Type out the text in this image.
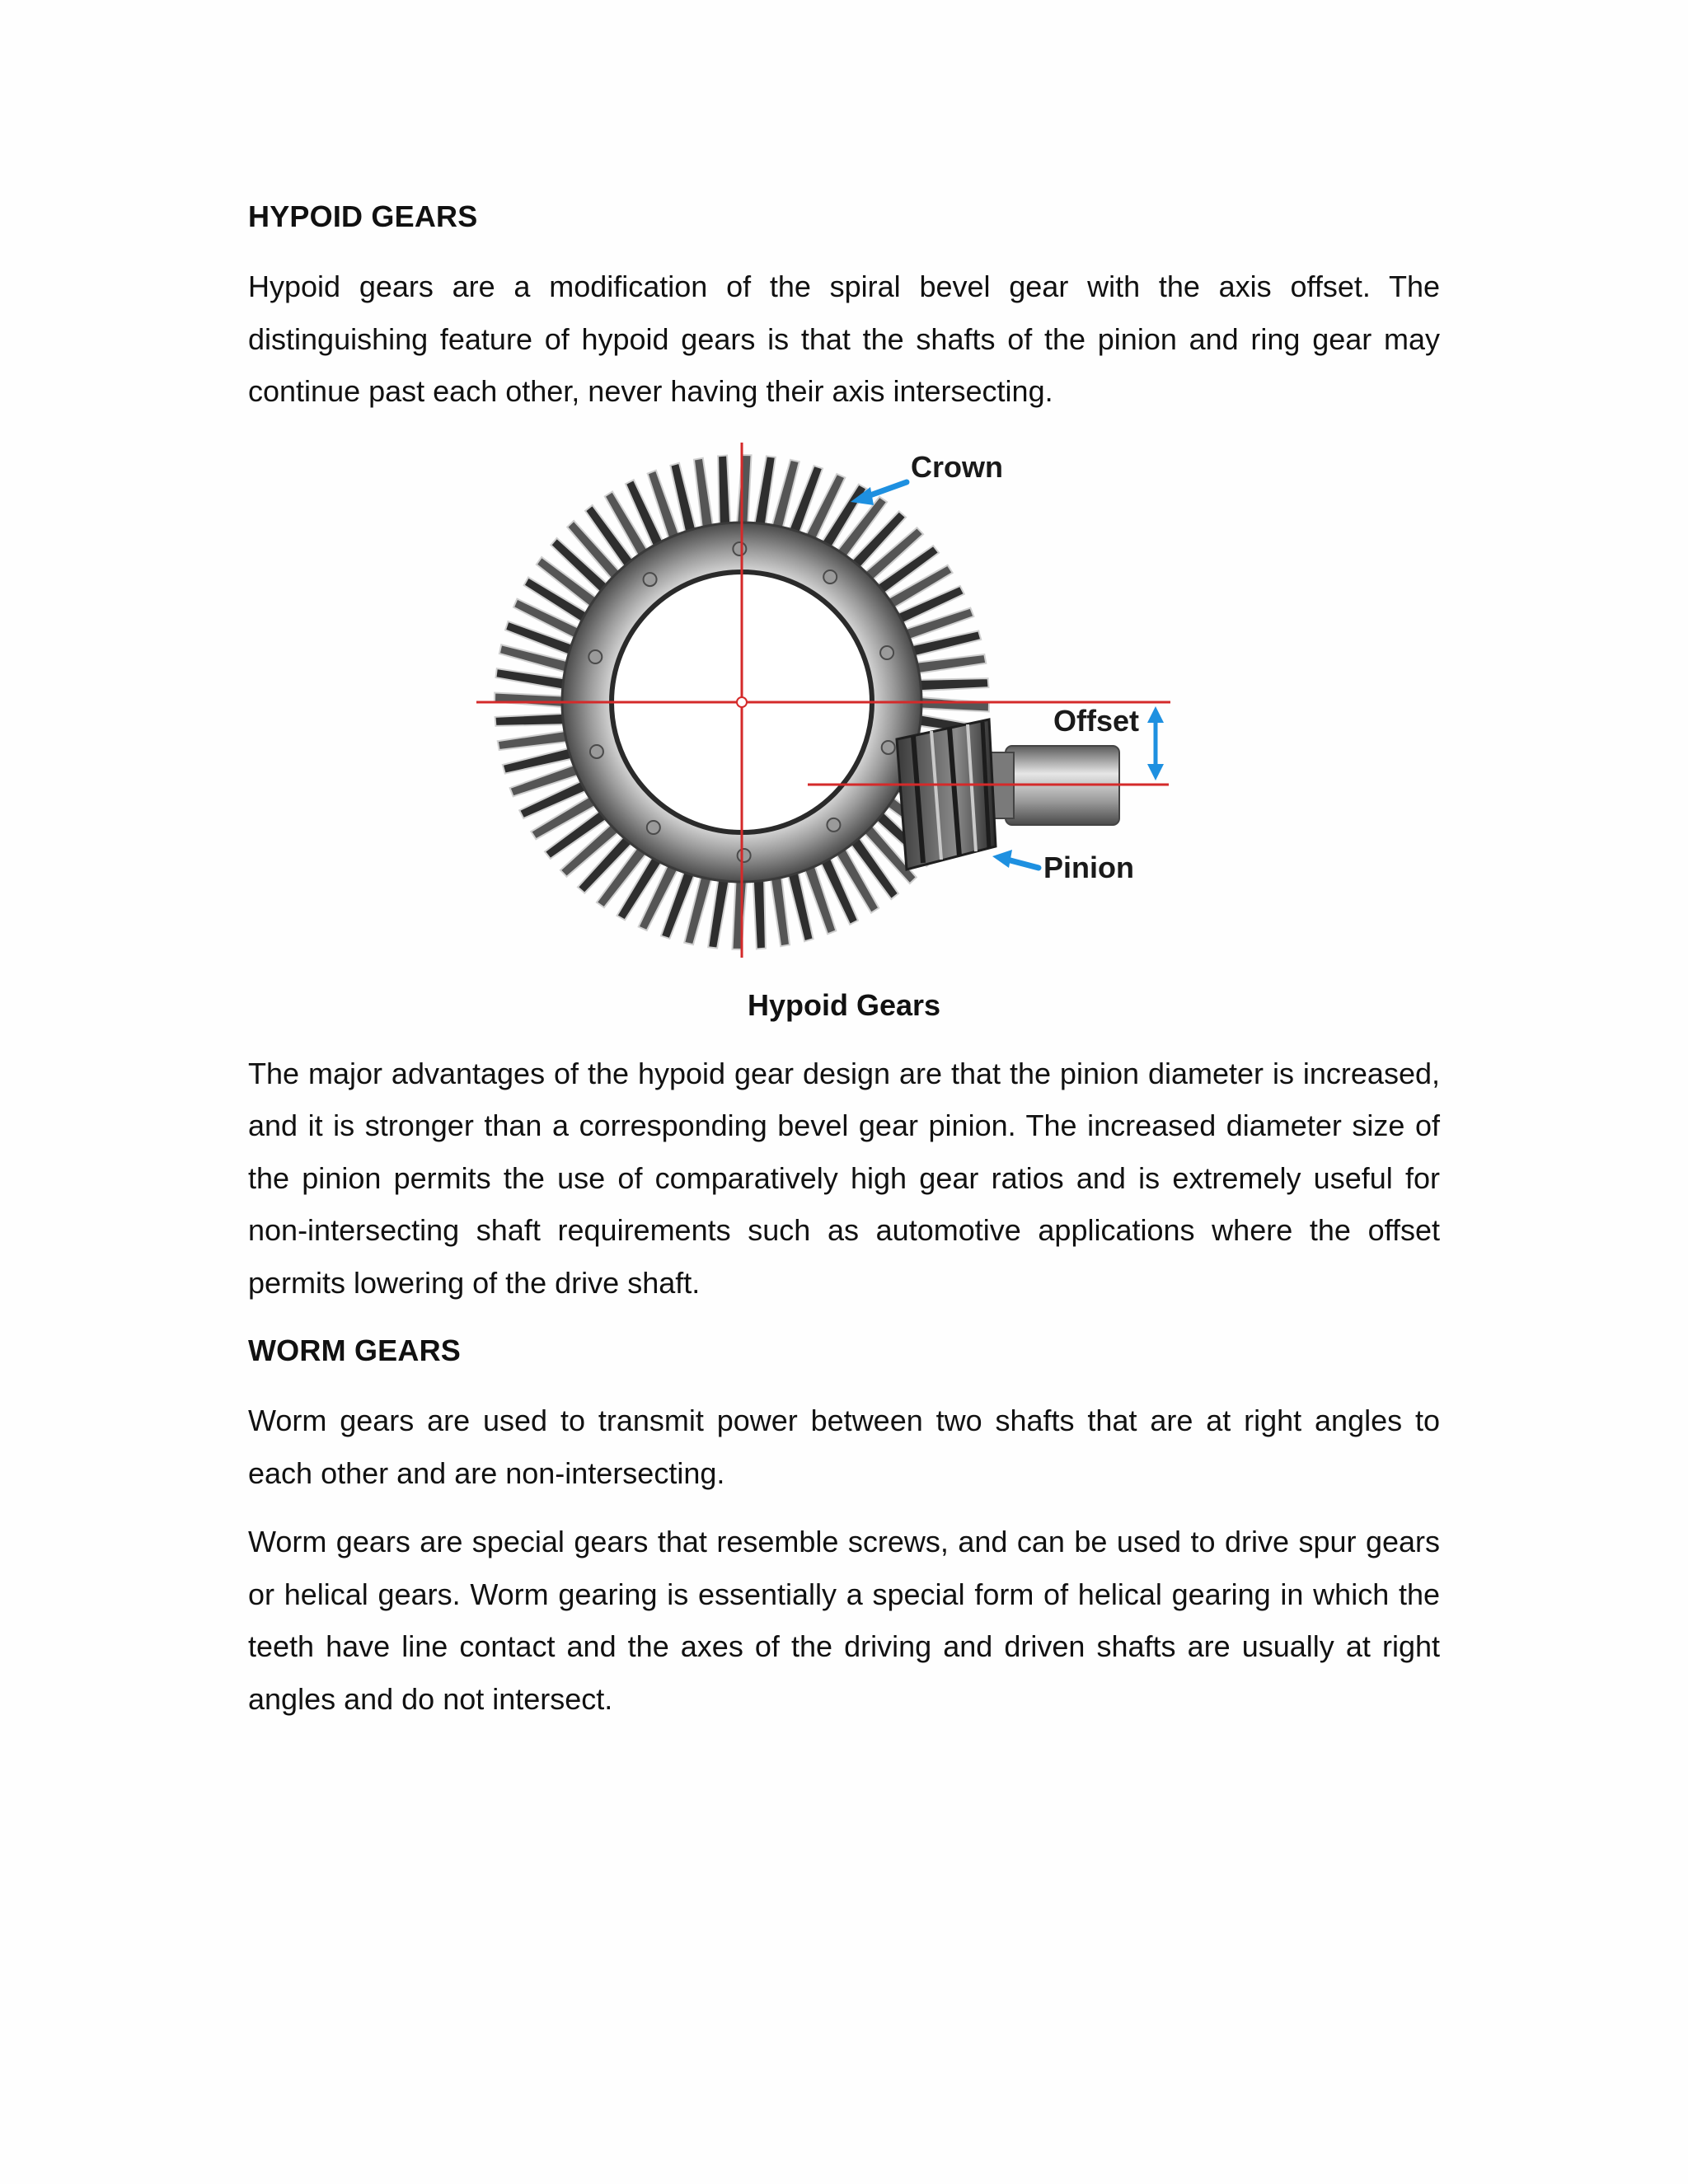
HYPOID GEARS

Hypoid gears are a modification of the spiral bevel gear with the axis offset. The distinguishing feature of hypoid gears is that the shafts of the pinion and ring gear may continue past each other, never having their axis intersecting.

Crown
Offset
Pinion
Hypoid Gears

The major advantages of the hypoid gear design are that the pinion diameter is increased, and it is stronger than a corresponding bevel gear pinion. The increased diameter size of the pinion permits the use of comparatively high gear ratios and is extremely useful for non-intersecting shaft requirements such as automotive applications where the offset permits lowering of the drive shaft.

WORM GEARS

Worm gears are used to transmit power between two shafts that are at right angles to each other and are non-intersecting.

Worm gears are special gears that resemble screws, and can be used to drive spur gears or helical gears. Worm gearing is essentially a special form of helical gearing in which the teeth have line contact and the axes of the driving and driven shafts are usually at right angles and do not intersect.
